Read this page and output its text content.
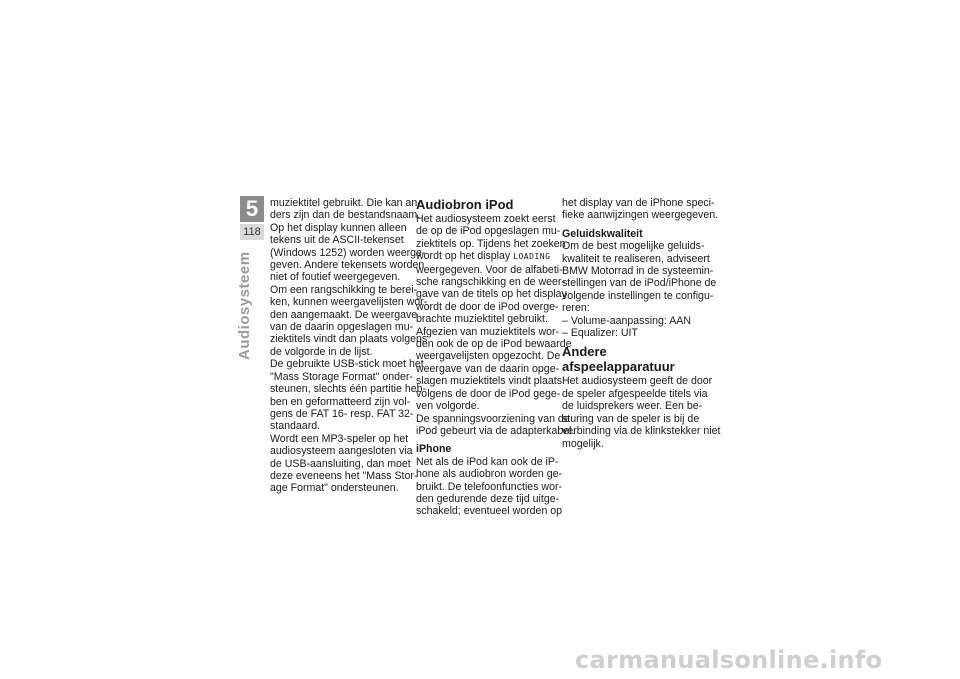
5
118
Audiosysteem
muziektitel gebruikt. Die kan an-
ders zijn dan de bestandsnaam.
Op het display kunnen alleen
tekens uit de ASCII-tekenset
(Windows 1252) worden weerge-
geven. Andere tekensets worden
niet of foutief weergegeven.
Om een rangschikking te berei-
ken, kunnen weergavelijsten wor-
den aangemaakt. De weergave
van de daarin opgeslagen mu-
ziektitels vindt dan plaats volgens
de volgorde in de lijst.
De gebruikte USB-stick moet het
"Mass Storage Format" onder-
steunen, slechts één partitie heb-
ben en geformatteerd zijn vol-
gens de FAT 16- resp. FAT 32-
standaard.
Wordt een MP3-speler op het
audiosysteem aangesloten via
de USB-aansluiting, dan moet
deze eveneens het "Mass Stor-
age Format" ondersteunen.
Audiobron iPod
Het audiosysteem zoekt eerst
de op de iPod opgeslagen mu-
ziektitels op. Tijdens het zoeken
wordt op het display LOADING
weergegeven. Voor de alfabeti-
sche rangschikking en de weer-
gave van de titels op het display
wordt de door de iPod overge-
brachte muziektitel gebruikt.
Afgezien van muziektitels wor-
den ook de op de iPod bewaarde
weergavelijsten opgezocht. De
weergave van de daarin opge-
slagen muziektitels vindt plaats
volgens de door de iPod gege-
ven volgorde.
De spanningsvoorziening van de
iPod gebeurt via de adapterkabel.
iPhone
Net als de iPod kan ook de iP-
hone als audiobron worden ge-
bruikt. De telefoonfuncties wor-
den gedurende deze tijd uitge-
schakeld; eventueel worden op
het display van de iPhone speci-
fieke aanwijzingen weergegeven.
Geluidskwaliteit
Om de best mogelijke geluids-
kwaliteit te realiseren, adviseert
BMW Motorrad in de systeemin-
stellingen van de iPod/iPhone de
volgende instellingen te configu-
reren:
– Volume-aanpassing: AAN
– Equalizer: UIT
Andere afspeelapparatuur
Het audiosysteem geeft de door
de speler afgespeelde titels via
de luidsprekers weer. Een be-
sturing van de speler is bij de
verbinding via de klinkstekker niet
mogelijk.
carmanualsonline.info
